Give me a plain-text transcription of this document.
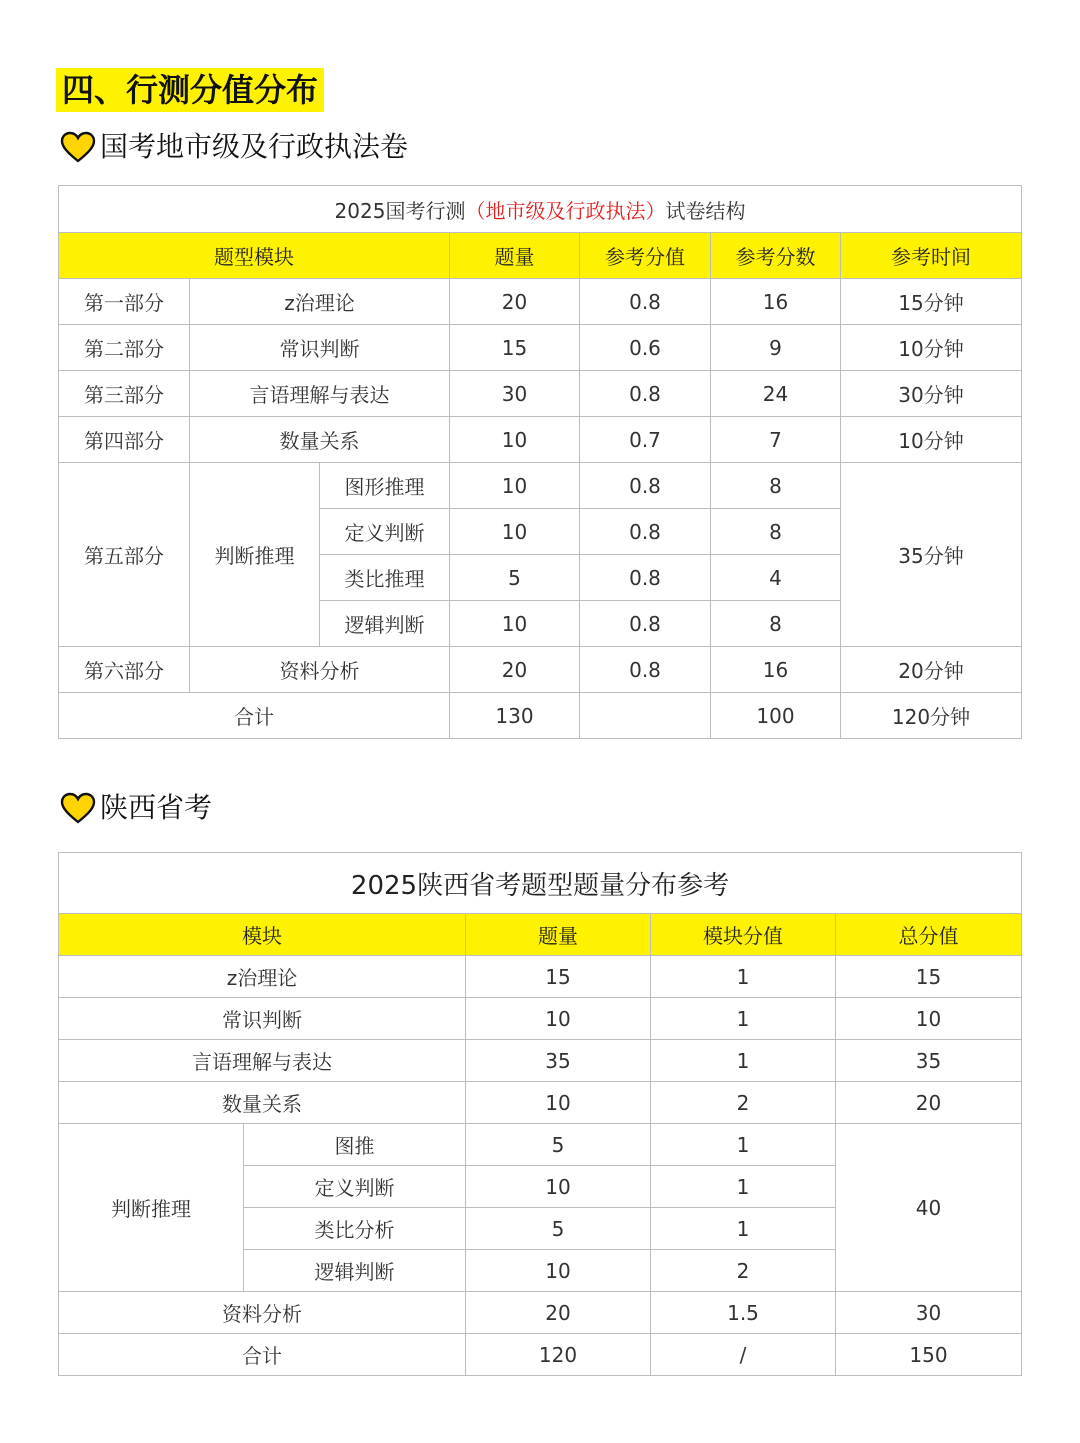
四、行测分值分布
国考地市级及行政执法卷
2025国考行测（地市级及行政执法）试卷结构						
题型模块			题量	参考分值	参考分数	参考时间
第一部分	z治理论		20	0.8	16	15分钟
第二部分	常识判断		15	0.6	9	10分钟
第三部分	言语理解与表达		30	0.8	24	30分钟
第四部分	数量关系		10	0.7	7	10分钟
第五部分	判断推理	图形推理	10	0.8	8	35分钟
		定义判断	10	0.8	8	
		类比推理	5	0.8	4	
		逻辑判断	10	0.8	8	
第六部分	资料分析		20	0.8	16	20分钟
合计			130		100	120分钟
陕西省考
2025陕西省考题型题量分布参考				
模块		题量	模块分值	总分值
z治理论		15	1	15
常识判断		10	1	10
言语理解与表达		35	1	35
数量关系		10	2	20
判断推理	图推	5	1	40
	定义判断	10	1	
	类比分析	5	1	
	逻辑判断	10	2	
资料分析		20	1.5	30
合计		120	/	150
